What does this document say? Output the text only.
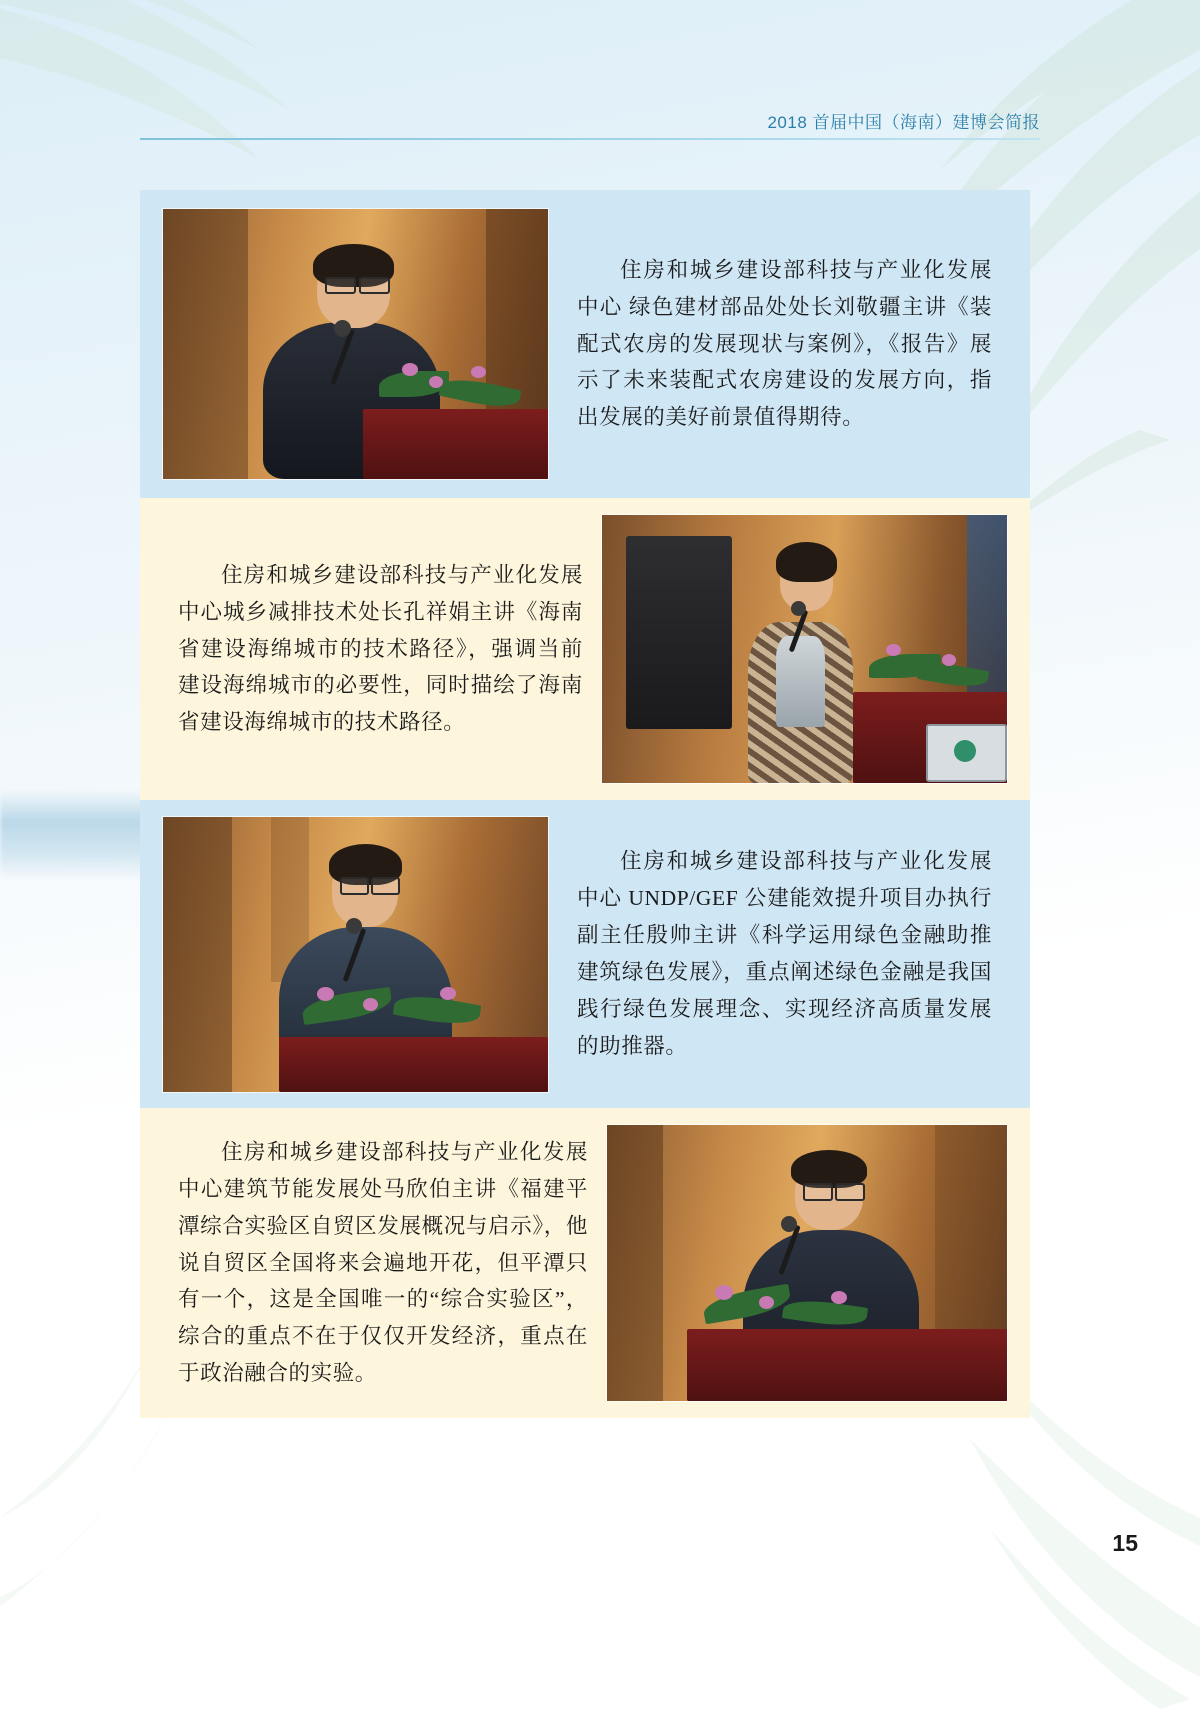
2018 首届中国（海南）建博会简报

住房和城乡建设部科技与产业化发展中心 绿色建材部品处处长刘敬疆主讲《装配式农房的发展现状与案例》，《报告》展示了未来装配式农房建设的发展方向，指出发展的美好前景值得期待。

住房和城乡建设部科技与产业化发展中心城乡减排技术处长孔祥娟主讲《海南省建设海绵城市的技术路径》，强调当前建设海绵城市的必要性，同时描绘了海南省建设海绵城市的技术路径。

住房和城乡建设部科技与产业化发展中心 UNDP/GEF 公建能效提升项目办执行副主任殷帅主讲《科学运用绿色金融助推建筑绿色发展》，重点阐述绿色金融是我国践行绿色发展理念、实现经济高质量发展的助推器。

住房和城乡建设部科技与产业化发展中心建筑节能发展处马欣伯主讲《福建平潭综合实验区自贸区发展概况与启示》，他说自贸区全国将来会遍地开花，但平潭只有一个，这是全国唯一的“综合实验区”，综合的重点不在于仅仅开发经济，重点在于政治融合的实验。

15
